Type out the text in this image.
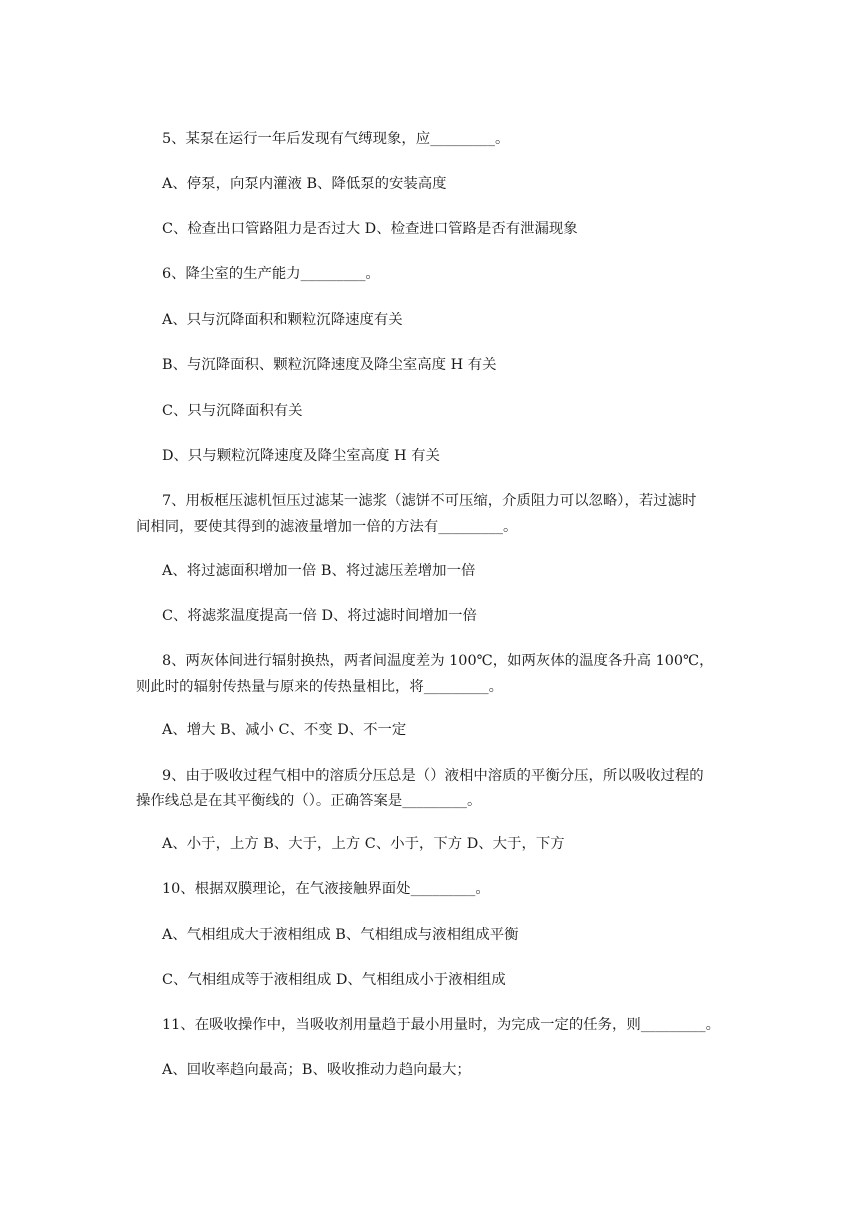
5、某泵在运行一年后发现有气缚现象，应_________。
A、停泵，向泵内灌液 B、降低泵的安装高度
C、检查出口管路阻力是否过大 D、检查进口管路是否有泄漏现象
6、降尘室的生产能力_________。
A、只与沉降面积和颗粒沉降速度有关
B、与沉降面积、颗粒沉降速度及降尘室高度 H 有关
C、只与沉降面积有关
D、只与颗粒沉降速度及降尘室高度 H 有关
7、用板框压滤机恒压过滤某一滤浆（滤饼不可压缩，介质阻力可以忽略），若过滤时
间相同，要使其得到的滤液量增加一倍的方法有_________。
A、将过滤面积增加一倍 B、将过滤压差增加一倍
C、将滤浆温度提高一倍 D、将过滤时间增加一倍
8、两灰体间进行辐射换热，两者间温度差为 100℃，如两灰体的温度各升高 100℃，
则此时的辐射传热量与原来的传热量相比，将_________。
A、增大 B、减小 C、不变 D、不一定
9、由于吸收过程气相中的溶质分压总是（）液相中溶质的平衡分压，所以吸收过程的
操作线总是在其平衡线的（）。正确答案是_________。
A、小于，上方 B、大于，上方 C、小于，下方 D、大于，下方
10、根据双膜理论，在气液接触界面处_________。
A、气相组成大于液相组成 B、气相组成与液相组成平衡
C、气相组成等于液相组成 D、气相组成小于液相组成
11、在吸收操作中，当吸收剂用量趋于最小用量时，为完成一定的任务，则_________。
A、回收率趋向最高；B、吸收推动力趋向最大；
